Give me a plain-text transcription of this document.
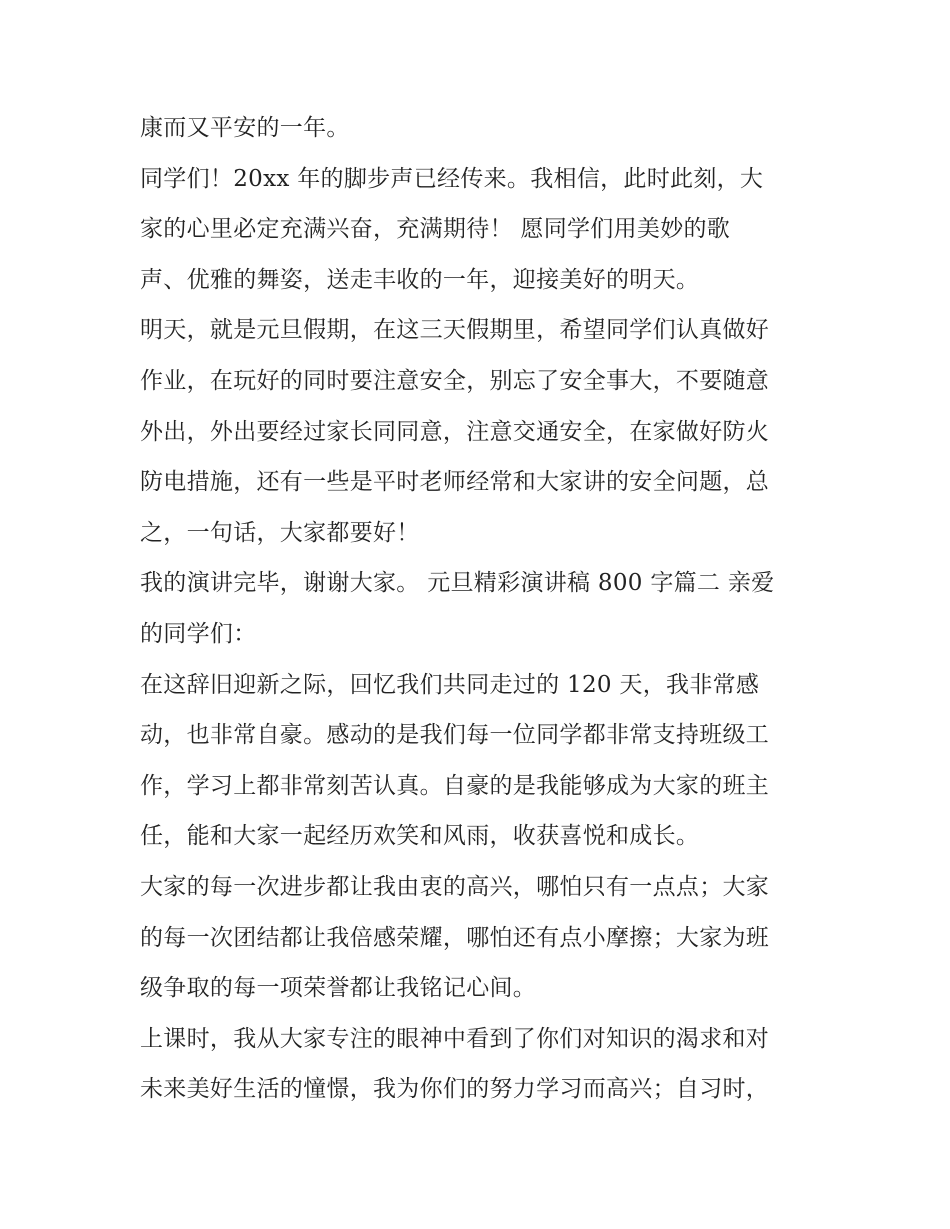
康而又平安的一年。
同学们！20xx 年的脚步声已经传来。我相信，此时此刻，大
家的心里必定充满兴奋，充满期待！ 愿同学们用美妙的歌
声、优雅的舞姿，送走丰收的一年，迎接美好的明天。
明天，就是元旦假期，在这三天假期里，希望同学们认真做好
作业，在玩好的同时要注意安全，别忘了安全事大，不要随意
外出，外出要经过家长同同意，注意交通安全，在家做好防火
防电措施，还有一些是平时老师经常和大家讲的安全问题，总
之，一句话，大家都要好！
我的演讲完毕，谢谢大家。 元旦精彩演讲稿 800 字篇二 亲爱
的同学们：
在这辞旧迎新之际，回忆我们共同走过的 120 天，我非常感
动，也非常自豪。感动的是我们每一位同学都非常支持班级工
作，学习上都非常刻苦认真。自豪的是我能够成为大家的班主
任，能和大家一起经历欢笑和风雨，收获喜悦和成长。
大家的每一次进步都让我由衷的高兴，哪怕只有一点点；大家
的每一次团结都让我倍感荣耀，哪怕还有点小摩擦；大家为班
级争取的每一项荣誉都让我铭记心间。
上课时，我从大家专注的眼神中看到了你们对知识的渴求和对
未来美好生活的憧憬，我为你们的努力学习而高兴；自习时，
